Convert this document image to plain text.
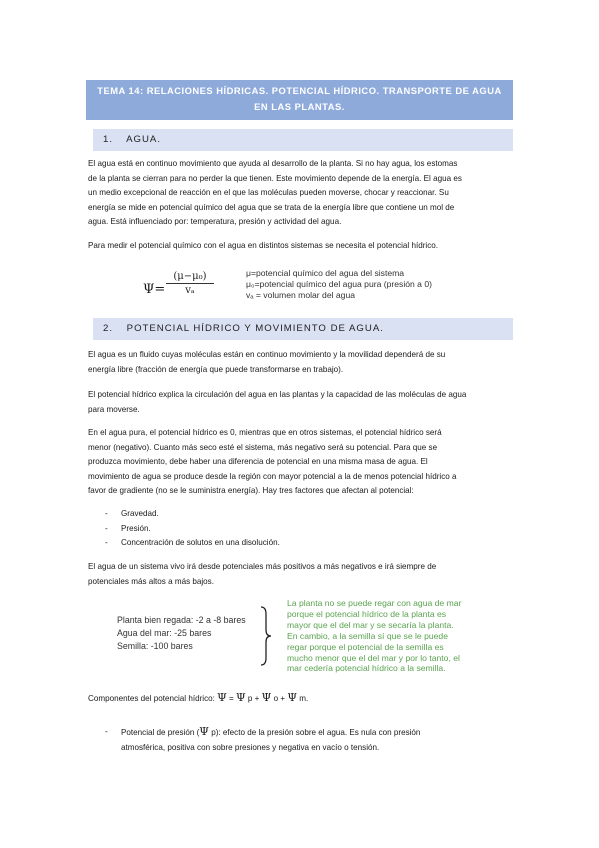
TEMA 14: RELACIONES HÍDRICAS. POTENCIAL HÍDRICO. TRANSPORTE DE AGUA
EN LAS PLANTAS.
1. AGUA.
El agua está en continuo movimiento que ayuda al desarrollo de la planta. Si no hay agua, los estomas
de la planta se cierran para no perder la que tienen. Este movimiento depende de la energía. El agua es
un medio excepcional de reacción en el que las moléculas pueden moverse, chocar y reaccionar. Su
energía se mide en potencial químico del agua que se trata de la energía libre que contiene un mol de
agua. Está influenciado por: temperatura, presión y actividad del agua.
Para medir el potencial químico con el agua en distintos sistemas se necesita el potencial hídrico.
Ψ=
(μ−μ₀)
vₐ
μ=potencial químico del agua del sistema
μ₀=potencial químico del agua pura (presión a 0)
vₐ = volumen molar del agua
2. POTENCIAL HÍDRICO Y MOVIMIENTO DE AGUA.
El agua es un fluido cuyas moléculas están en continuo movimiento y la movilidad dependerá de su
energía libre (fracción de energía que puede transformarse en trabajo).
El potencial hídrico explica la circulación del agua en las plantas y la capacidad de las moléculas de agua
para moverse.
En el agua pura, el potencial hídrico es 0, mientras que en otros sistemas, el potencial hídrico será
menor (negativo). Cuanto más seco esté el sistema, más negativo será su potencial. Para que se
produzca movimiento, debe haber una diferencia de potencial en una misma masa de agua. El
movimiento de agua se produce desde la región con mayor potencial a la de menos potencial hídrico a
favor de gradiente (no se le suministra energía). Hay tres factores que afectan al potencial:
- Gravedad.
- Presión.
- Concentración de solutos en una disolución.
El agua de un sistema vivo irá desde potenciales más positivos a más negativos e irá siempre de
potenciales más altos a más bajos.
Planta bien regada: -2 a -8 bares
Agua del mar: -25 bares
Semilla: -100 bares
La planta no se puede regar con agua de mar
porque el potencial hídrico de la planta es
mayor que el del mar y se secaría la planta.
En cambio, a la semilla sí que se le puede
regar porque el potencial de la semilla es
mucho menor que el del mar y por lo tanto, el
mar cedería potencial hídrico a la semilla.
Componentes del potencial hídrico: Ψ = Ψ p + Ψ o + Ψ m.
- Potencial de presión (Ψ p): efecto de la presión sobre el agua. Es nula con presión
atmosférica, positiva con sobre presiones y negativa en vacío o tensión.
